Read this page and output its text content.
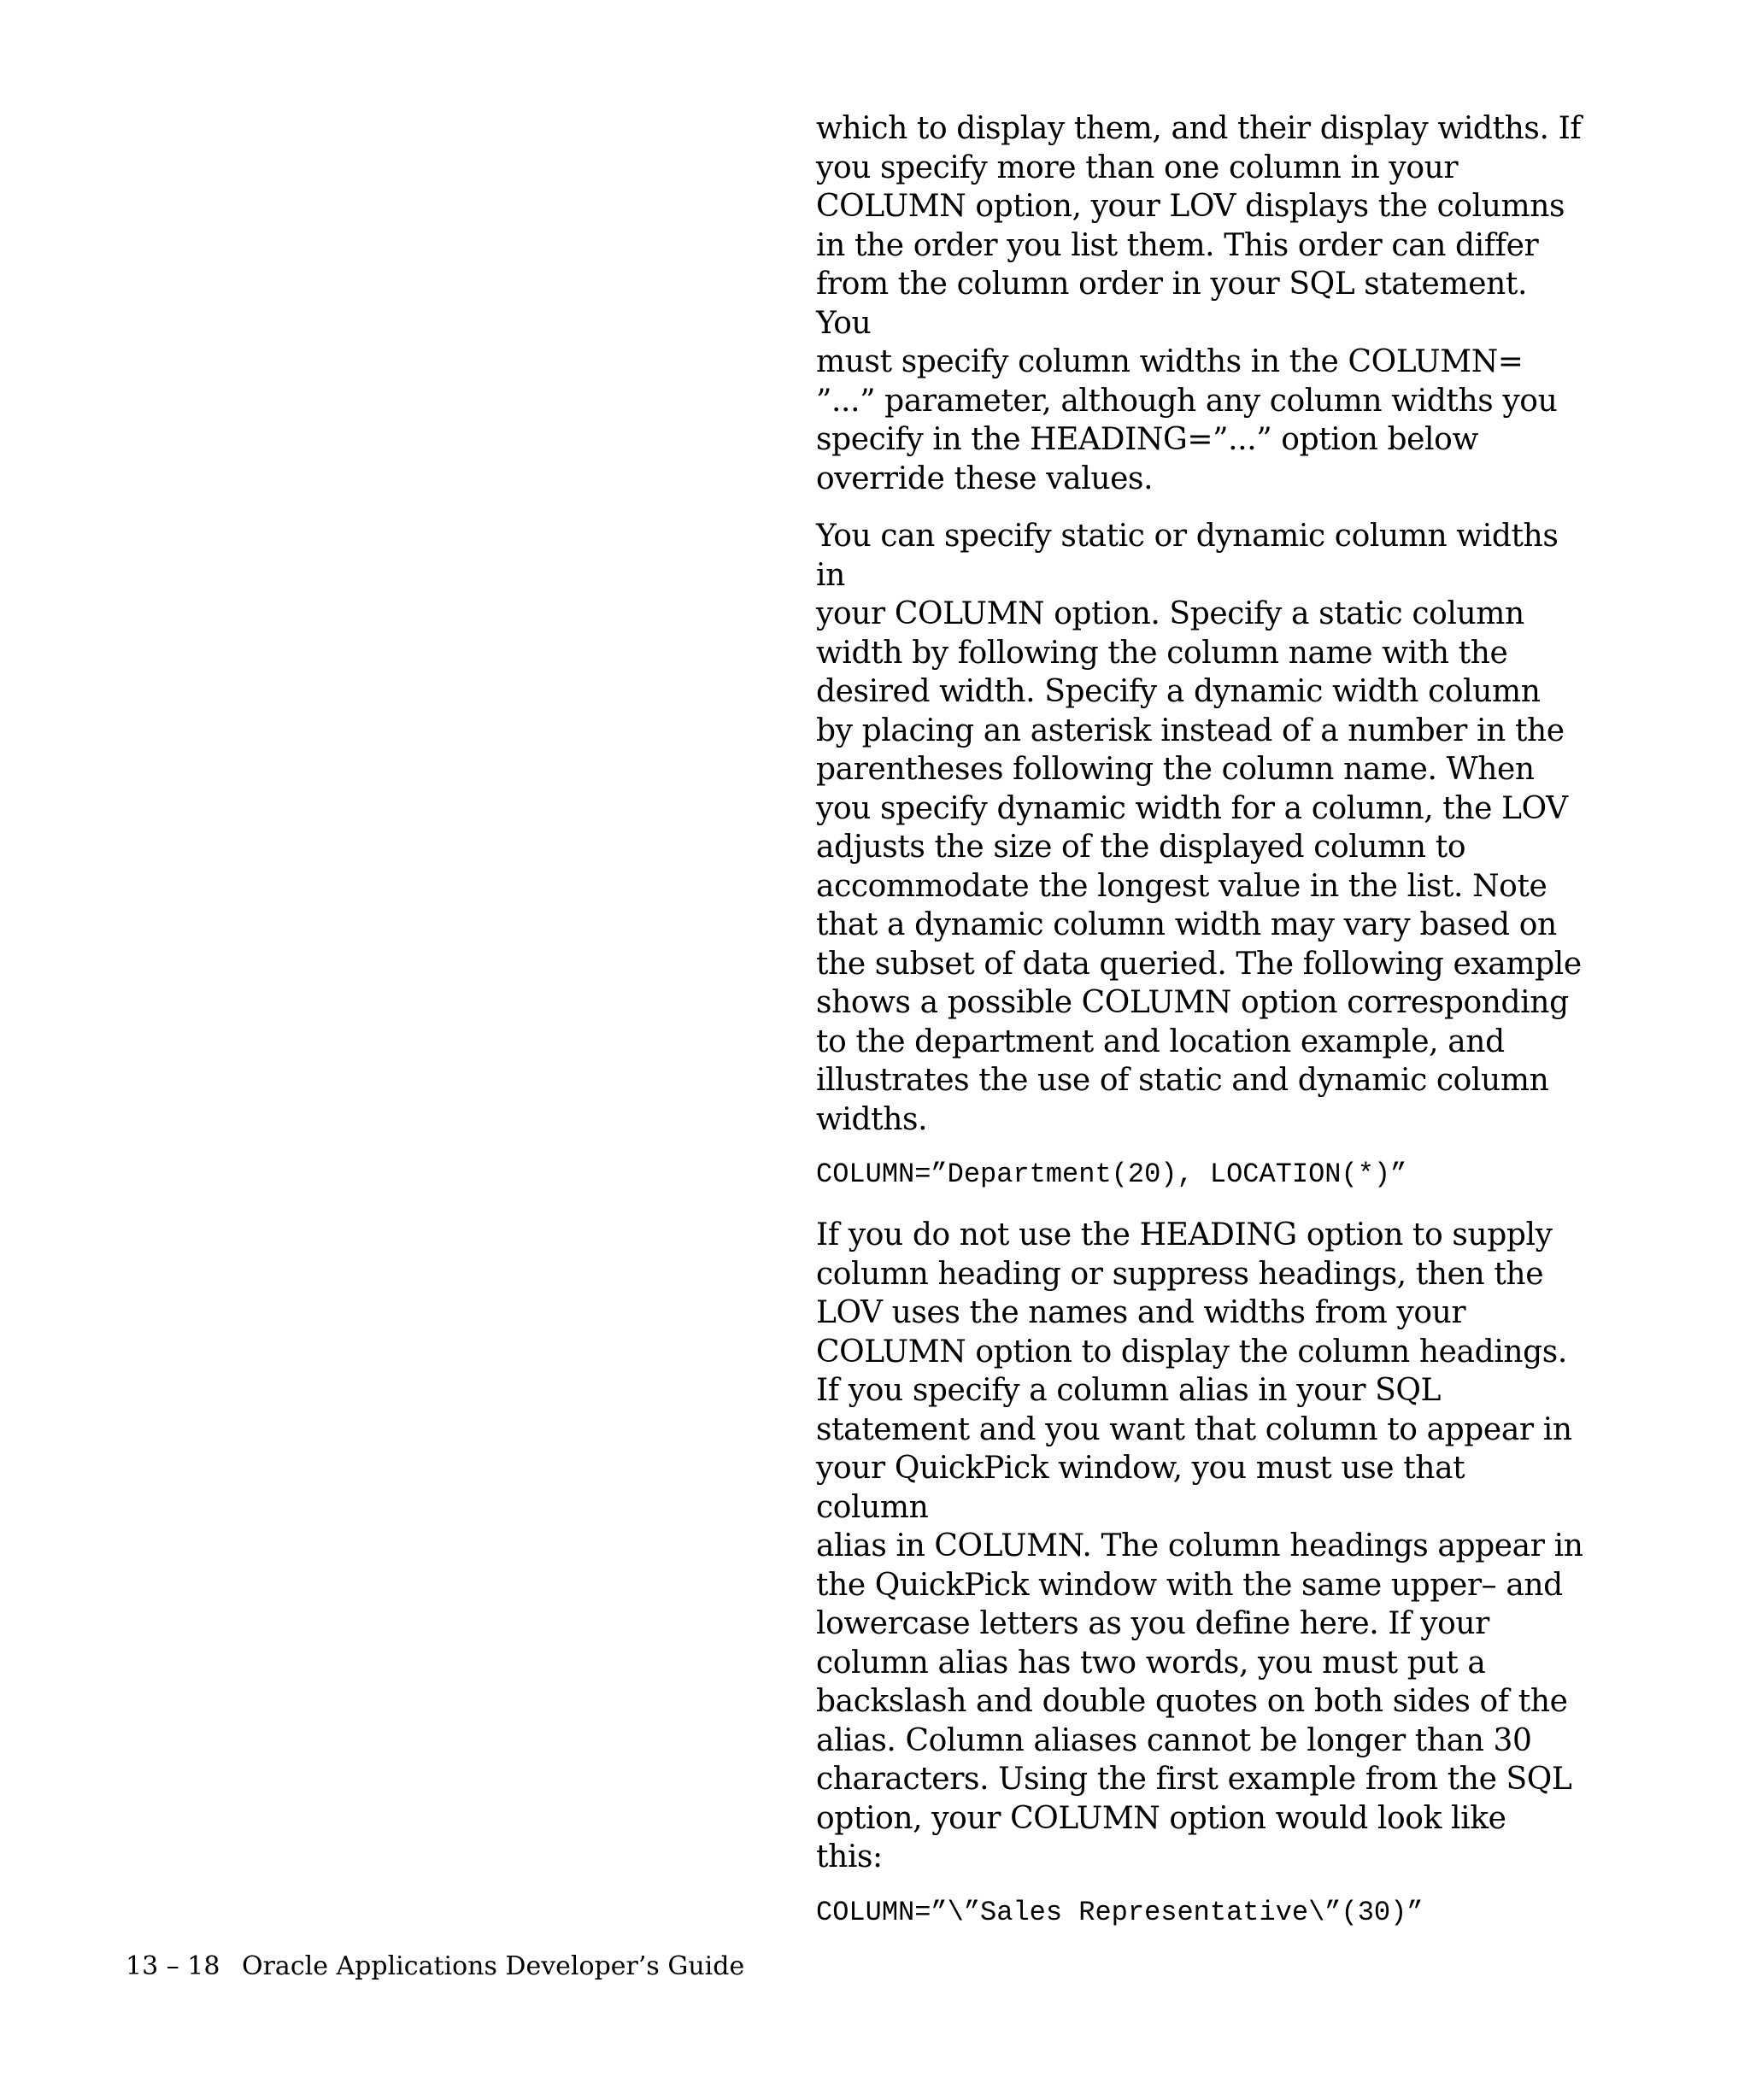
which to display them, and their display widths. If
you specify more than one column in your
COLUMN option, your LOV displays the columns
in the order you list them. This order can differ
from the column order in your SQL statement. You
must specify column widths in the COLUMN=
”...” parameter, although any column widths you
specify in the HEADING=”...” option below
override these values.

You can specify static or dynamic column widths in
your COLUMN option. Specify a static column
width by following the column name with the
desired width. Specify a dynamic width column
by placing an asterisk instead of a number in the
parentheses following the column name. When
you specify dynamic width for a column, the LOV
adjusts the size of the displayed column to
accommodate the longest value in the list. Note
that a dynamic column width may vary based on
the subset of data queried. The following example
shows a possible COLUMN option corresponding
to the department and location example, and
illustrates the use of static and dynamic column
widths.

COLUMN=”Department(20), LOCATION(*)”

If you do not use the HEADING option to supply
column heading or suppress headings, then the
LOV uses the names and widths from your
COLUMN option to display the column headings.
If you specify a column alias in your SQL
statement and you want that column to appear in
your QuickPick window, you must use that column
alias in COLUMN. The column headings appear in
the QuickPick window with the same upper– and
lowercase letters as you define here. If your
column alias has two words, you must put a
backslash and double quotes on both sides of the
alias. Column aliases cannot be longer than 30
characters. Using the first example from the SQL
option, your COLUMN option would look like
this:

COLUMN=”\”Sales Representative\”(30)”
13 – 18 Oracle Applications Developer’s Guide
